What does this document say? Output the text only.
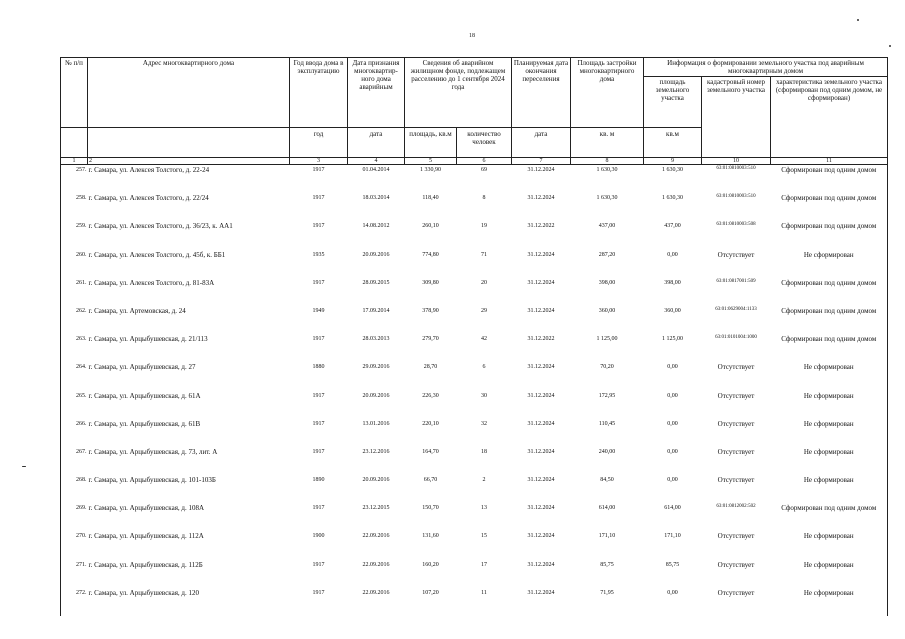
18
№ п/п	Адрес многоквартирного дома	Год ввода дома в эксплуатацию	Дата признания многоквартир-ного дома аварийным	Сведения об аварийном жилищном фонде, подлежащем расселению до 1 сентября 2024 года		Планируемая дата окончания переселения	Площадь застройки многоквартирного дома	Информация о формировании земельного участка под аварийным многоквартирным домом		
								площадь земельного участка	кадастровый номер земельного участка	характеристика земельного участка (сформирован под одним домом, не сформирован)

		год	дата	площадь, кв.м	количество человек	дата	кв. м	кв.м		
1	2	3	4	5	6	7	8	9	10	11
257.	г. Самара, ул. Алексея Толстого, д. 22-24	1917	01.04.2014	1 330,90	69	31.12.2024	1 630,30	1 630,30	63:01:0810003:510	Сформирован под одним домом
258.	г. Самара, ул. Алексея Толстого, д. 22/24	1917	18.03.2014	118,40	8	31.12.2024	1 630,30	1 630,30	63:01:0810003:510	Сформирован под одним домом
259.	г. Самара, ул. Алексея Толстого, д. 36/23, к. АА1	1917	14.08.2012	260,10	19	31.12.2022	437,00	437,00	63:01:0810003:508	Сформирован под одним домом
260.	г. Самара, ул. Алексея Толстого, д. 45б, к. ББ1	1935	20.09.2016	774,80	71	31.12.2024	287,20	0,00	Отсутствует	Не сформирован
261.	г. Самара, ул. Алексея Толстого, д. 81-83А	1917	28.09.2015	309,80	20	31.12.2024	398,00	398,00	63:01:0817001:509	Сформирован под одним домом
262.	г. Самара, ул. Артемовская, д. 24	1949	17.09.2014	378,90	29	31.12.2024	360,00	360,00	63:01:0629004:1133	Сформирован под одним домом
263.	г. Самара, ул. Арцыбушевская, д. 21/113	1917	28.03.2013	279,70	42	31.12.2022	1 125,00	1 125,00	63:01:0101004:1000	Сформирован под одним домом
264.	г. Самара, ул. Арцыбушевская, д. 27	1880	29.09.2016	28,70	6	31.12.2024	70,20	0,00	Отсутствует	Не сформирован
265.	г. Самара, ул. Арцыбушевская, д. 61А	1917	20.09.2016	226,30	30	31.12.2024	172,95	0,00	Отсутствует	Не сформирован
266.	г. Самара, ул. Арцыбушевская, д. 61В	1917	13.01.2016	220,10	32	31.12.2024	110,45	0,00	Отсутствует	Не сформирован
267.	г. Самара, ул. Арцыбушевская, д. 73, лит. А	1917	23.12.2016	164,70	18	31.12.2024	240,00	0,00	Отсутствует	Не сформирован
268.	г. Самара, ул. Арцыбушевская, д. 101-103Б	1890	20.09.2016	66,70	2	31.12.2024	84,50	0,00	Отсутствует	Не сформирован
269.	г. Самара, ул. Арцыбушевская, д. 108А	1917	23.12.2015	150,70	13	31.12.2024	614,00	614,00	63:01:0812002:502	Сформирован под одним домом
270.	г. Самара, ул. Арцыбушевская, д. 112А	1900	22.09.2016	131,60	15	31.12.2024	171,10	171,10	Отсутствует	Не сформирован
271.	г. Самара, ул. Арцыбушевская, д. 112Б	1917	22.09.2016	160,20	17	31.12.2024	85,75	85,75	Отсутствует	Не сформирован
272.	г. Самара, ул. Арцыбушевская, д. 120	1917	22.09.2016	107,20	11	31.12.2024	71,95	0,00	Отсутствует	Не сформирован
